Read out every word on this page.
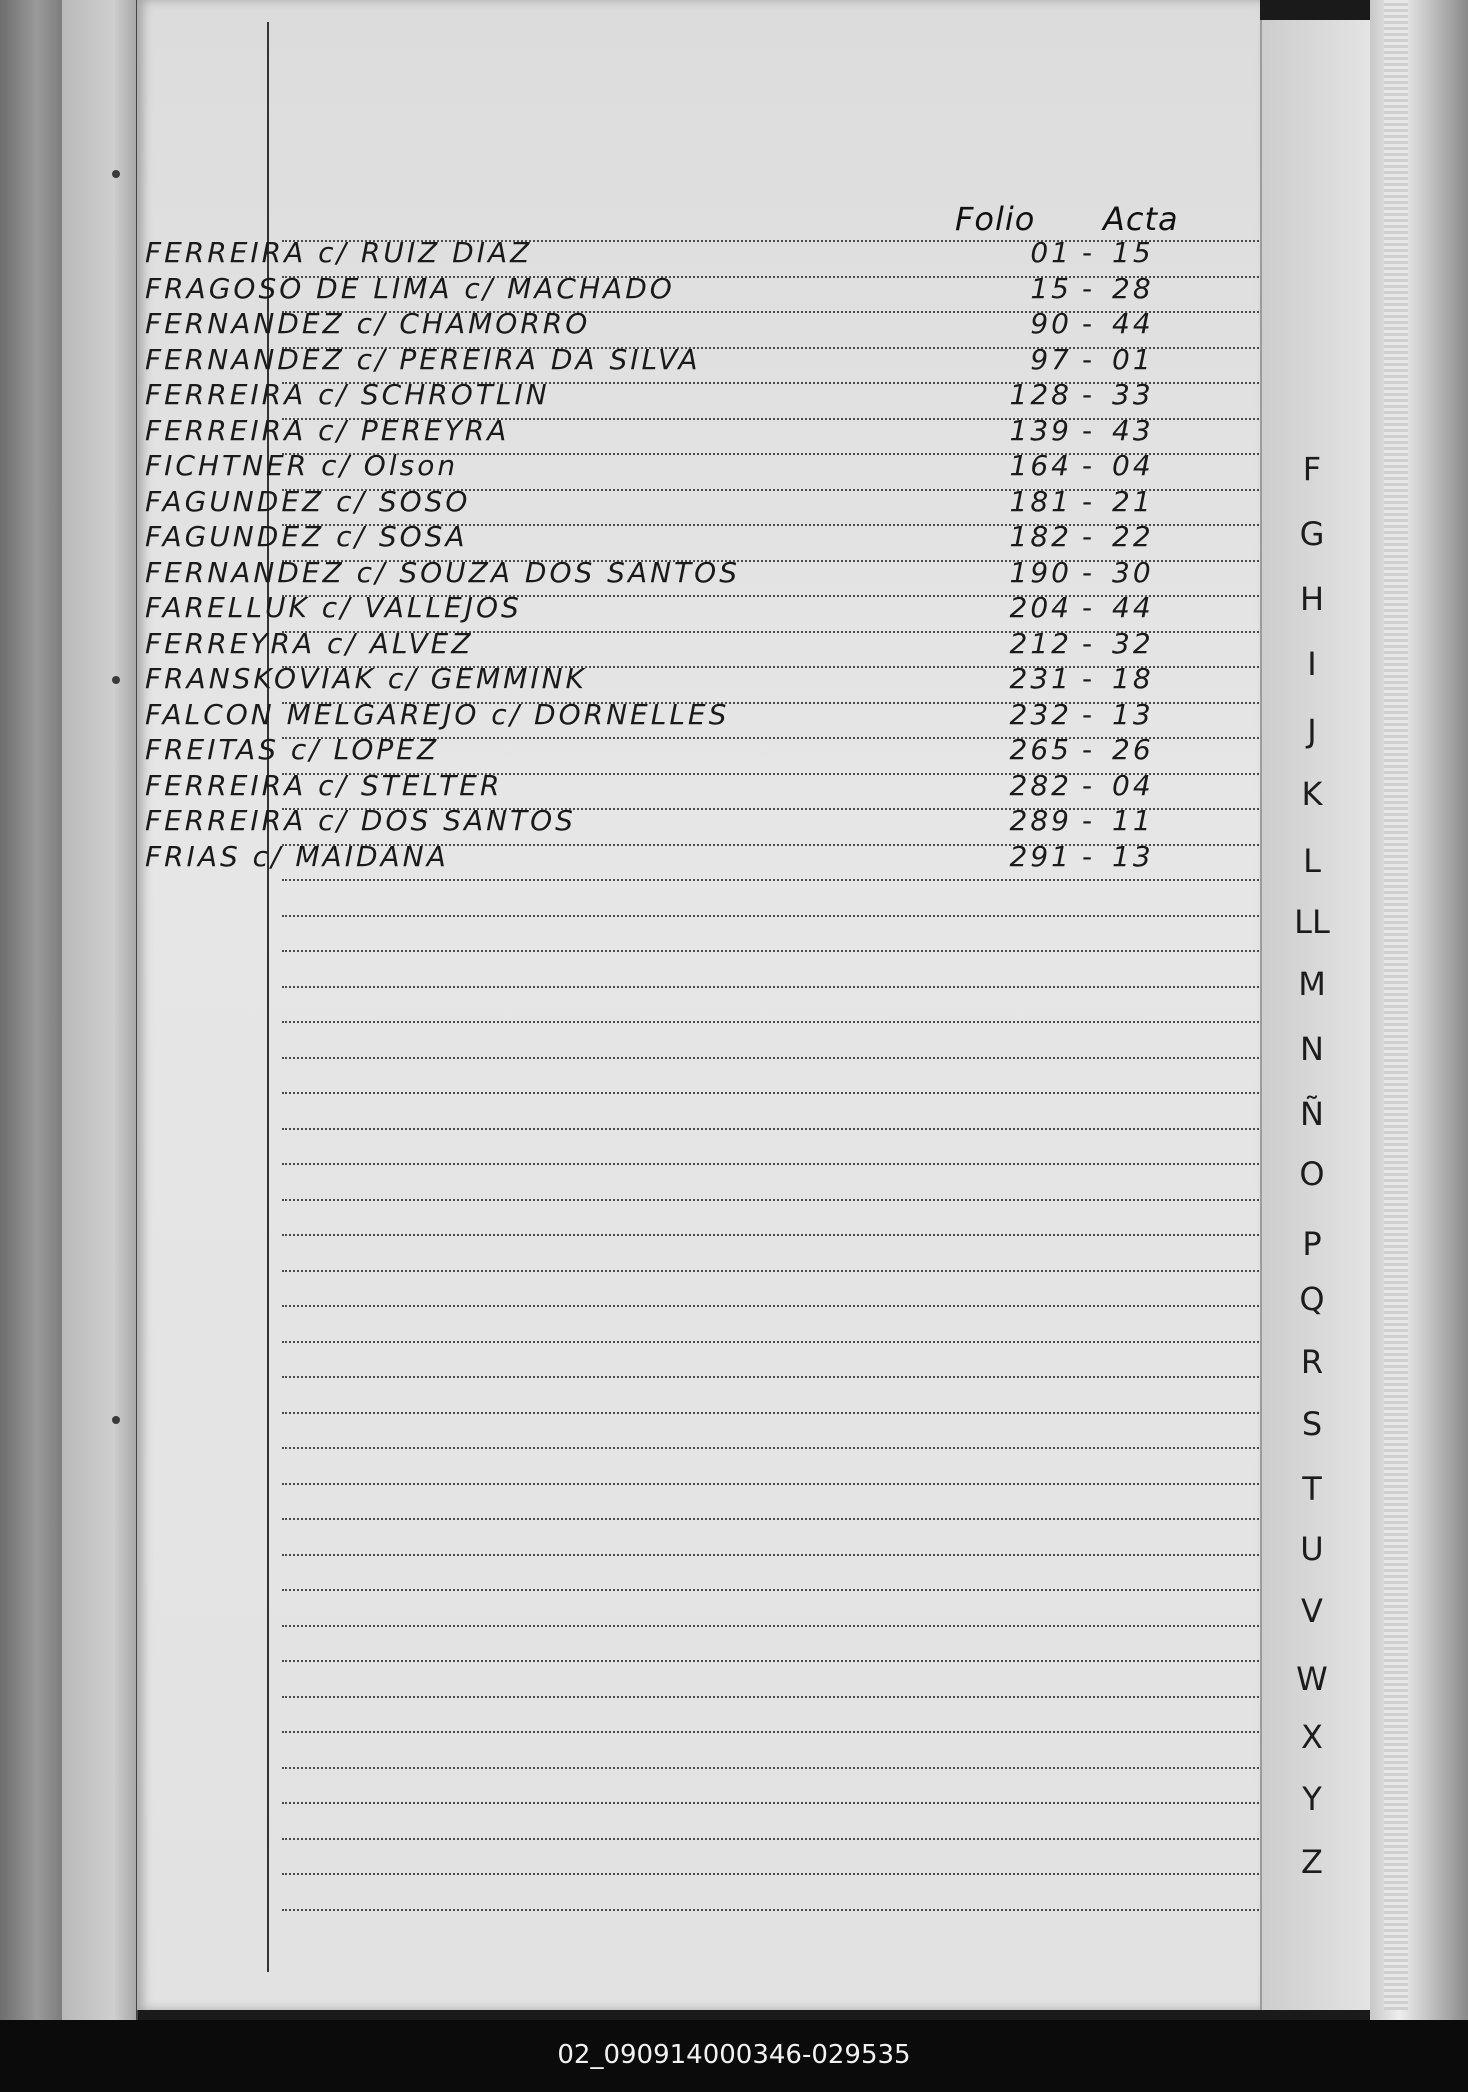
Folio Acta
FERREIRA c/ RUIZ DIAZ	01 - 15
FRAGOSO DE LIMA c/ MACHADO	15 - 28
FERNANDEZ c/ CHAMORRO	90 - 44
FERNANDEZ c/ PEREIRA DA SILVA	97 - 01
FERREIRA c/ SCHROTLIN	128 - 33
FERREIRA c/ PEREYRA	139 - 43
FICHTNER c/ Olson	164 - 04
FAGUNDEZ c/ SOSO	181 - 21
FAGUNDEZ c/ SOSA	182 - 22
FERNANDEZ c/ SOUZA DOS SANTOS	190 - 30
FARELLUK c/ VALLEJOS	204 - 44
FERREYRA c/ ALVEZ	212 - 32
FRANSKOVIAK c/ GEMMINK	231 - 18
FALCON MELGAREJO c/ DORNELLES	232 - 13
FREITAS c/ LOPEZ	265 - 26
FERREIRA c/ STELTER	282 - 04
FERREIRA c/ DOS SANTOS	289 - 11
FRIAS c/ MAIDANA	291 - 13
F
G
H
I
J
K
L
LL
M
N
Ñ
O
P
Q
R
S
T
U
V
W
X
Y
Z
02_090914000346-029535
